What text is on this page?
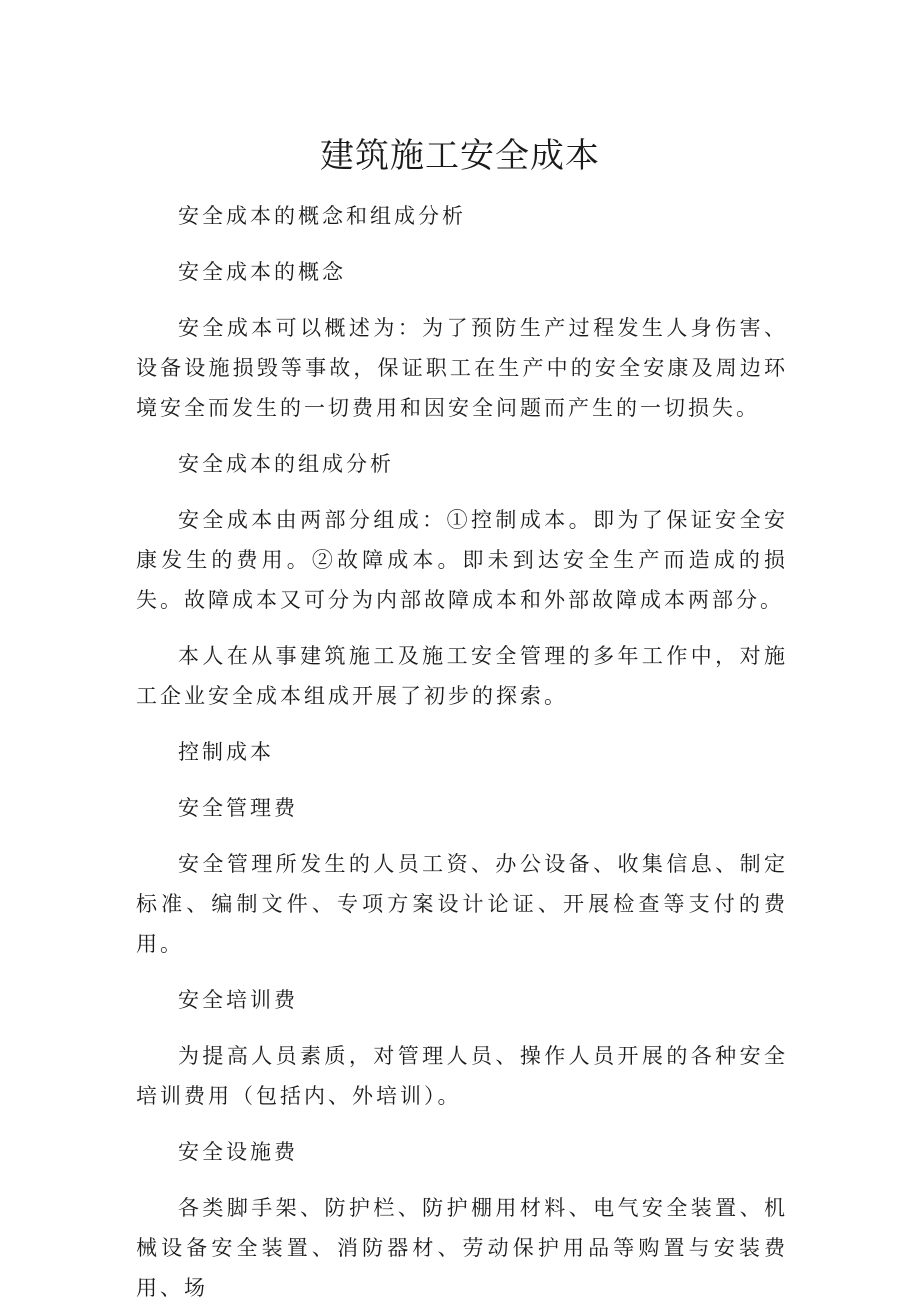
建筑施工安全成本

安全成本的概念和组成分析

安全成本的概念

安全成本可以概述为：为了预防生产过程发生人身伤害、设备设施损毁等事故，保证职工在生产中的安全安康及周边环境安全而发生的一切费用和因安全问题而产生的一切损失。

安全成本的组成分析

安全成本由两部分组成：①控制成本。即为了保证安全安康发生的费用。②故障成本。即未到达安全生产而造成的损失。故障成本又可分为内部故障成本和外部故障成本两部分。

本人在从事建筑施工及施工安全管理的多年工作中，对施工企业安全成本组成开展了初步的探索。

控制成本

安全管理费

安全管理所发生的人员工资、办公设备、收集信息、制定标准、编制文件、专项方案设计论证、开展检查等支付的费用。

安全培训费

为提高人员素质，对管理人员、操作人员开展的各种安全培训费用（包括内、外培训）。

安全设施费

各类脚手架、防护栏、防护棚用材料、电气安全装置、机械设备安全装置、消防器材、劳动保护用品等购置与安装费用、场
